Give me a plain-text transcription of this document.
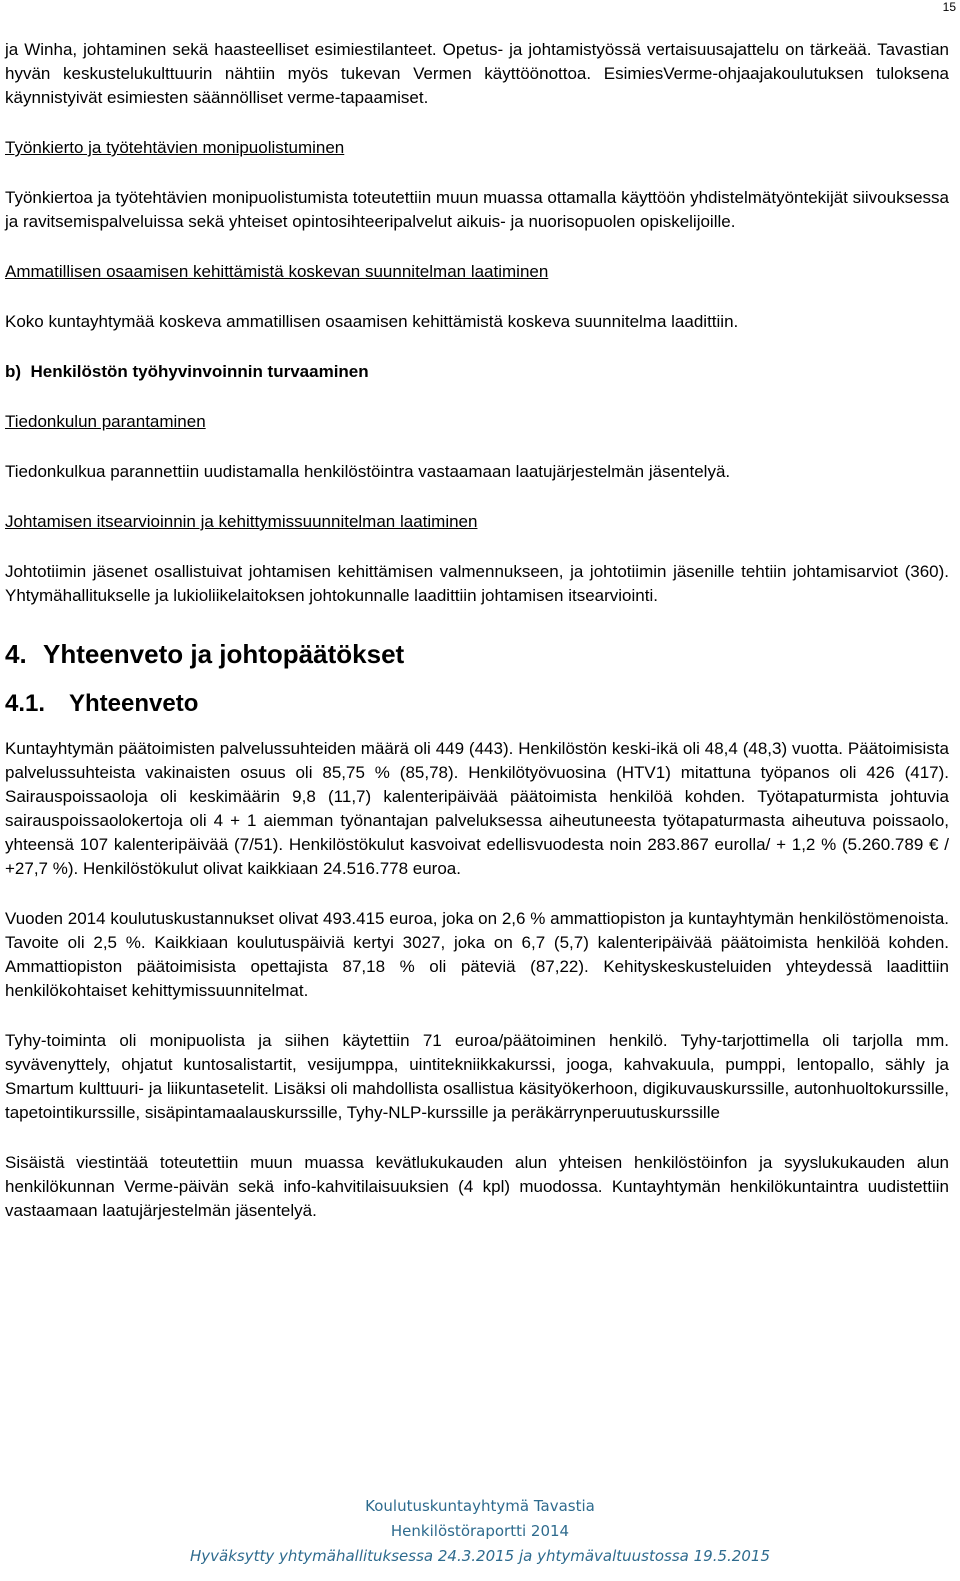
15

ja Winha, johtaminen sekä haasteelliset esimiestilanteet. Opetus- ja johtamistyössä vertaisuusajattelu on tärkeää. Tavastian hyvän keskustelukulttuurin nähtiin myös tukevan Vermen käyttöönottoa. EsimiesVerme-ohjaajakoulutuksen tuloksena käynnistyivät esimiesten säännölliset verme-tapaamiset.

Työnkierto ja työtehtävien monipuolistuminen

Työnkiertoa ja työtehtävien monipuolistumista toteutettiin muun muassa ottamalla käyttöön yhdistelmätyöntekijät siivouksessa ja ravitsemispalveluissa sekä yhteiset opintosihteeripalvelut aikuis- ja nuorisopuolen opiskelijoille.

Ammatillisen osaamisen kehittämistä koskevan suunnitelman laatiminen

Koko kuntayhtymää koskeva ammatillisen osaamisen kehittämistä koskeva suunnitelma laadittiin.

b)  Henkilöstön työhyvinvoinnin turvaaminen

Tiedonkulun parantaminen

Tiedonkulkua parannettiin uudistamalla henkilöstöintra vastaamaan laatujärjestelmän jäsentelyä.

Johtamisen itsearvioinnin ja kehittymissuunnitelman laatiminen

Johtotiimin jäsenet osallistuivat johtamisen kehittämisen valmennukseen, ja johtotiimin jäsenille tehtiin johtamisarviot (360). Yhtymähallitukselle ja lukioliikelaitoksen johtokunnalle laadittiin johtamisen itsearviointi.

4. Yhteenveto ja johtopäätökset

4.1. Yhteenveto

Kuntayhtymän päätoimisten palvelussuhteiden määrä oli 449 (443). Henkilöstön keski-ikä oli 48,4 (48,3) vuotta. Päätoimisista palvelussuhteista vakinaisten osuus oli 85,75 % (85,78). Henkilötyövuosina (HTV1) mitattuna työpanos oli 426 (417). Sairauspoissaoloja oli keskimäärin 9,8 (11,7) kalenteripäivää päätoimista henkilöä kohden. Työtapaturmista johtuvia sairauspoissaolokertoja oli 4 + 1 aiemman työnantajan palveluksessa aiheutuneesta työtapaturmasta aiheutuva poissaolo, yhteensä 107 kalenteripäivää (7/51). Henkilöstökulut kasvoivat edellisvuodesta noin 283.867 eurolla/ + 1,2 % (5.260.789 € / +27,7 %). Henkilöstökulut olivat kaikkiaan 24.516.778 euroa.

Vuoden 2014 koulutuskustannukset olivat 493.415 euroa, joka on 2,6 % ammattiopiston ja kuntayhtymän henkilöstömenoista. Tavoite oli 2,5 %. Kaikkiaan koulutuspäiviä kertyi 3027, joka on 6,7 (5,7) kalenteripäivää päätoimista henkilöä kohden. Ammattiopiston päätoimisista opettajista 87,18 % oli päteviä (87,22). Kehityskeskusteluiden yhteydessä laadittiin henkilökohtaiset kehittymissuunnitelmat.

Tyhy-toiminta oli monipuolista ja siihen käytettiin 71 euroa/päätoiminen henkilö. Tyhy-tarjottimella oli tarjolla mm. syvävenyttely, ohjatut kuntosalistartit, vesijumppa, uintitekniikkakurssi, jooga, kahvakuula, pumppi, lentopallo, sähly ja Smartum kulttuuri- ja liikuntasetelit. Lisäksi oli mahdollista osallistua käsityökerhoon, digikuvauskurssille, autonhuoltokurssille, tapetointikurssille, sisäpintamaalauskurssille, Tyhy-NLP-kurssille ja peräkärrynperuutuskurssille

Sisäistä viestintää toteutettiin muun muassa kevätlukukauden alun yhteisen henkilöstöinfon ja syyslukukauden alun henkilökunnan Verme-päivän sekä info-kahvitilaisuuksien (4 kpl) muodossa. Kuntayhtymän henkilökuntaintra uudistettiin vastaamaan laatujärjestelmän jäsentelyä.

Koulutuskuntayhtymä Tavastia
Henkilöstöraportti 2014
Hyväksytty yhtymähallituksessa 24.3.2015 ja yhtymävaltuustossa 19.5.2015
